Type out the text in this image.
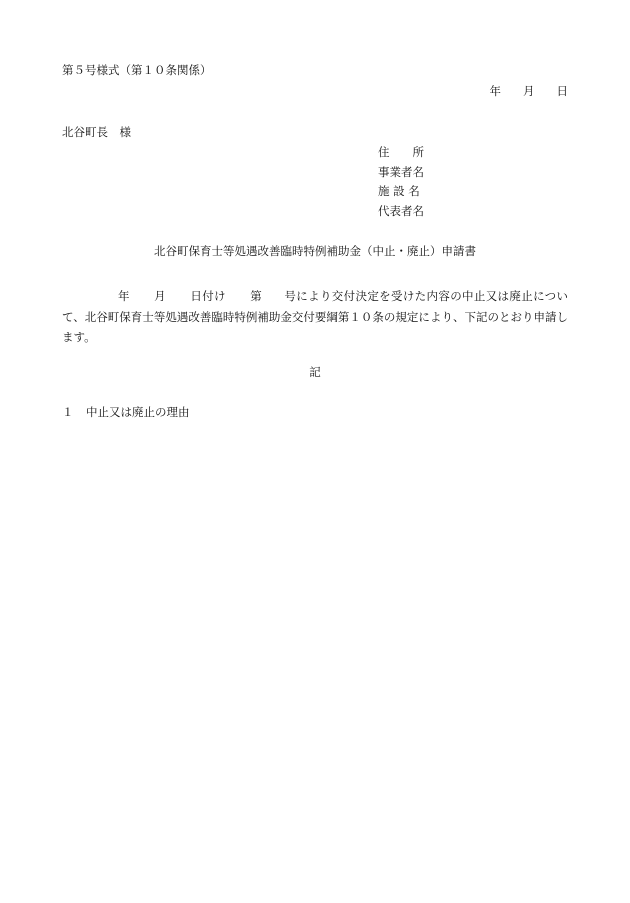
第５号様式（第１０条関係）
年 月 日
北谷町長　様
住　　所
事業者名
施 設 名
代表者名
北谷町保育士等処遇改善臨時特例補助金（中止・廃止）申請書
年 月 日付け 第 号により交付決定を受けた内容の中止又は廃止について、北谷町保育士等処遇改善臨時特例補助金交付要綱第１０条の規定により、下記のとおり申請します。
記
１ 中止又は廃止の理由
